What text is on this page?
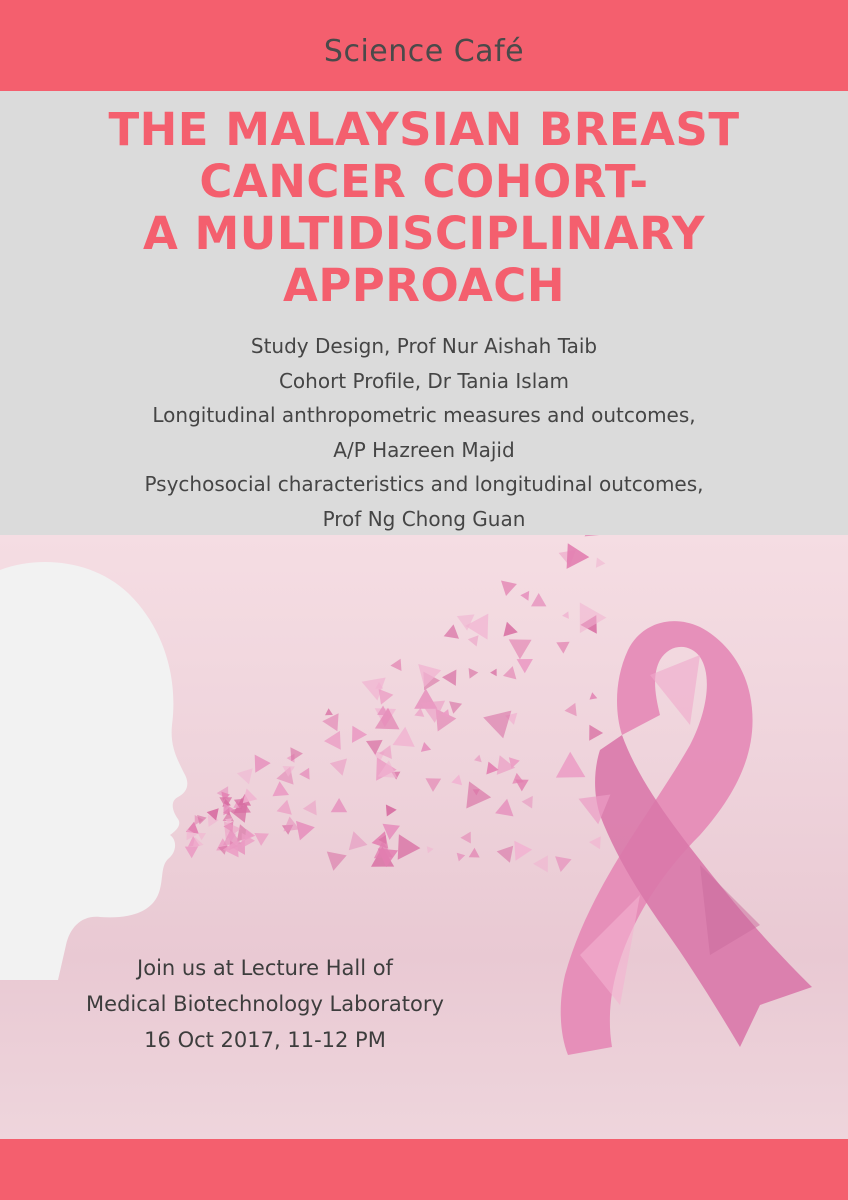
Science Café
THE MALAYSIAN BREAST
CANCER COHORT-
A MULTIDISCIPLINARY
APPROACH
Study Design, Prof Nur Aishah Taib
Cohort Profile, Dr Tania Islam
Longitudinal anthropometric measures and outcomes,
A/P Hazreen Majid
Psychosocial characteristics and longitudinal outcomes,
Prof Ng Chong Guan
Join us at Lecture Hall of
Medical Biotechnology Laboratory
16 Oct 2017, 11-12 PM
